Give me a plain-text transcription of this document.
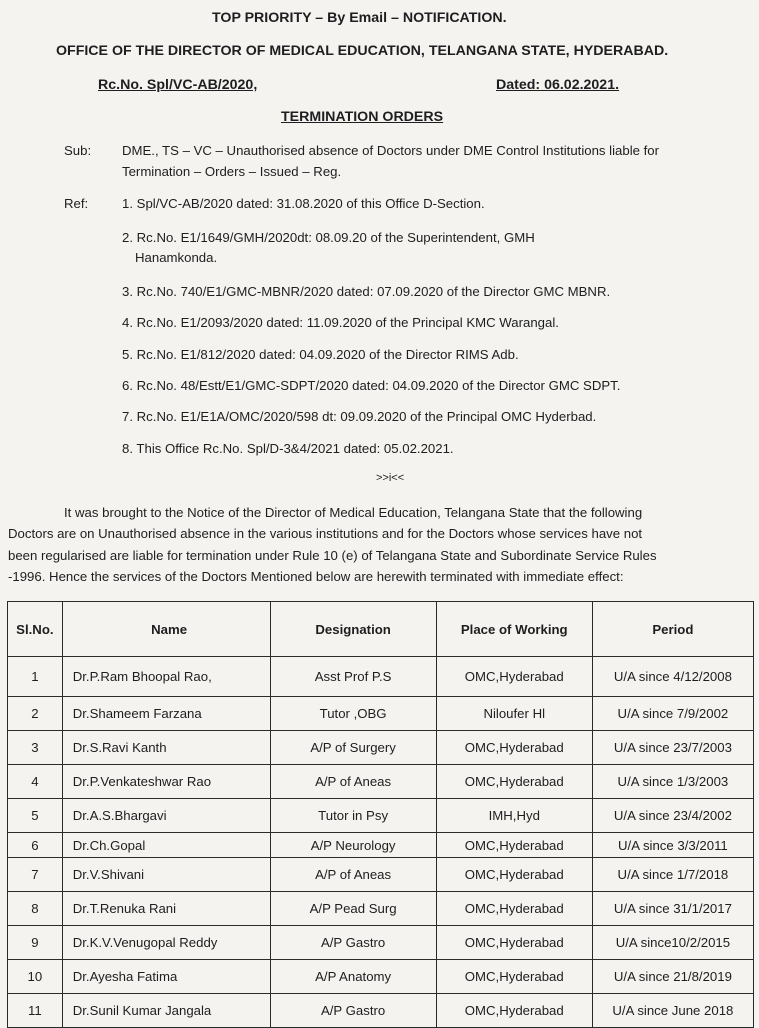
TOP PRIORITY – By Email – NOTIFICATION.
OFFICE OF THE DIRECTOR OF MEDICAL EDUCATION, TELANGANA STATE, HYDERABAD.
Rc.No. Spl/VC-AB/2020,	Dated: 06.02.2021.
TERMINATION ORDERS
Sub: DME., TS – VC – Unauthorised absence of Doctors under DME Control Institutions liable for
Termination – Orders – Issued – Reg.
Ref:	1. Spl/VC-AB/2020 dated: 31.08.2020 of this Office D-Section.
2. Rc.No. E1/1649/GMH/2020dt: 08.09.20 of the Superintendent, GMH
Hanamkonda.
3. Rc.No. 740/E1/GMC-MBNR/2020 dated: 07.09.2020 of the Director GMC MBNR.
4. Rc.No. E1/2093/2020 dated: 11.09.2020 of the Principal KMC Warangal.
5. Rc.No. E1/812/2020 dated: 04.09.2020 of the Director RIMS Adb.
6. Rc.No. 48/Estt/E1/GMC-SDPT/2020 dated: 04.09.2020 of the Director GMC SDPT.
7. Rc.No. E1/E1A/OMC/2020/598 dt: 09.09.2020 of the Principal OMC Hyderbad.
8. This Office Rc.No. Spl/D-3&4/2021 dated: 05.02.2021.
>>i<<
It was brought to the Notice of the Director of Medical Education, Telangana State that the following
Doctors are on Unauthorised absence in the various institutions and for the Doctors whose services have not
been regularised are liable for termination under Rule 10 (e) of Telangana State and Subordinate Service Rules
-1996. Hence the services of the Doctors Mentioned below are herewith terminated with immediate effect:
Sl.No.	Name	Designation	Place of Working	Period
1	Dr.P.Ram Bhoopal Rao,	Asst Prof P.S	OMC,Hyderabad	U/A since 4/12/2008
2	Dr.Shameem Farzana	Tutor ,OBG	Niloufer Hl	U/A since 7/9/2002
3	Dr.S.Ravi Kanth	A/P of Surgery	OMC,Hyderabad	U/A since 23/7/2003
4	Dr.P.Venkateshwar Rao	A/P of Aneas	OMC,Hyderabad	U/A since 1/3/2003
5	Dr.A.S.Bhargavi	Tutor in Psy	IMH,Hyd	U/A since 23/4/2002
6	Dr.Ch.Gopal	A/P Neurology	OMC,Hyderabad	U/A since 3/3/2011
7	Dr.V.Shivani	A/P of Aneas	OMC,Hyderabad	U/A since 1/7/2018
8	Dr.T.Renuka Rani	A/P Pead Surg	OMC,Hyderabad	U/A since 31/1/2017
9	Dr.K.V.Venugopal Reddy	A/P Gastro	OMC,Hyderabad	U/A since10/2/2015
10	Dr.Ayesha Fatima	A/P Anatomy	OMC,Hyderabad	U/A since 21/8/2019
11	Dr.Sunil Kumar Jangala	A/P Gastro	OMC,Hyderabad	U/A since June 2018
